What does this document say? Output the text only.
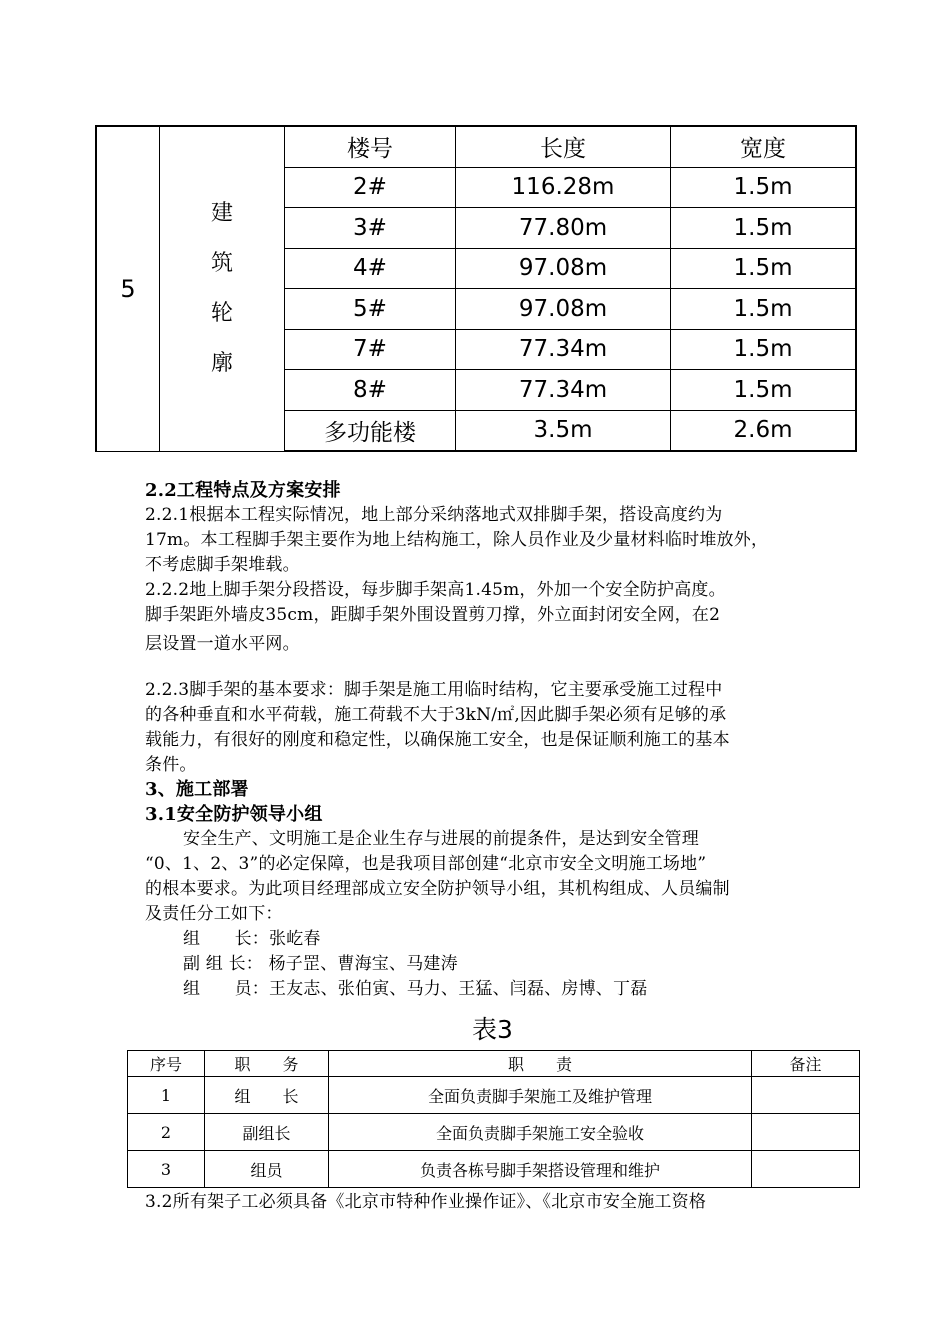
5	建
筑
轮
廓	楼号	长度	宽度
		2#	116.28m	1.5m
		3#	77.80m	1.5m
		4#	97.08m	1.5m
		5#	97.08m	1.5m
		7#	77.34m	1.5m
		8#	77.34m	1.5m
		多功能楼	3.5m	2.6m
2.2工程特点及方案安排
2.2.1根据本工程实际情况，地上部分采纳落地式双排脚手架，搭设高度约为
17m。本工程脚手架主要作为地上结构施工，除人员作业及少量材料临时堆放外，
不考虑脚手架堆载。
2.2.2地上脚手架分段搭设，每步脚手架高1.45m，外加一个安全防护高度。
脚手架距外墙皮35cm，距脚手架外围设置剪刀撑，外立面封闭安全网，在2
层设置一道水平网。
2.2.3脚手架的基本要求：脚手架是施工用临时结构，它主要承受施工过程中
的各种垂直和水平荷载，施工荷载不大于3kN/㎡,因此脚手架必须有足够的承
载能力，有很好的刚度和稳定性，以确保施工安全，也是保证顺利施工的基本
条件。
3、施工部署
3.1安全防护领导小组
安全生产、文明施工是企业生存与进展的前提条件，是达到安全管理
“0、1、2、3”的必定保障，也是我项目部创建“北京市安全文明施工场地”
的根本要求。为此项目经理部成立安全防护领导小组，其机构组成、人员编制
及责任分工如下：
组　　长：张屹春
副 组 长： 杨子罡、曹海宝、马建涛
组　　员：王友志、张伯寅、马力、王猛、闫磊、房博、丁磊
表3
序号	职　　务	职　　责	备注
1	组　　长	全面负责脚手架施工及维护管理	
2	副组长	全面负责脚手架施工安全验收	
3	组员	负责各栋号脚手架搭设管理和维护	
3.2所有架子工必须具备《北京市特种作业操作证》、《北京市安全施工资格
